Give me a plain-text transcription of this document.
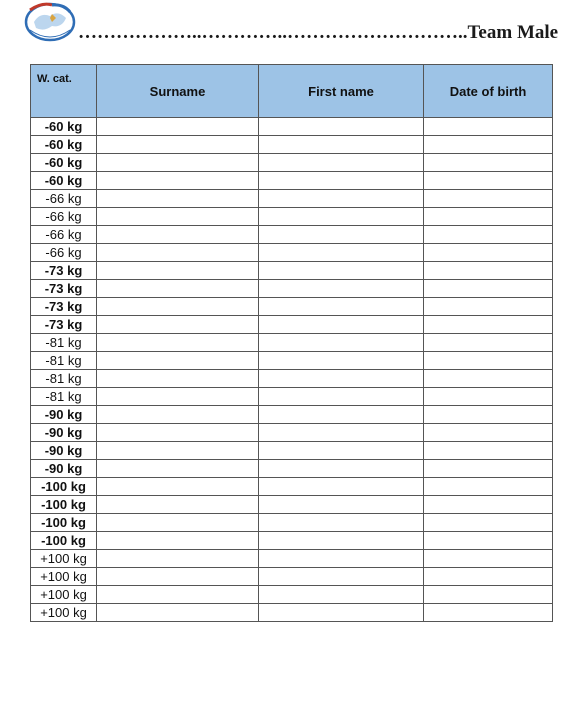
………………..…………..………………………..Team Male
W. cat.	Surname	First name	Date of birth
-60 kg			
-60 kg			
-60 kg			
-60 kg			
-66 kg			
-66 kg			
-66 kg			
-66 kg			
-73 kg			
-73 kg			
-73 kg			
-73 kg			
-81 kg			
-81 kg			
-81 kg			
-81 kg			
-90 kg			
-90 kg			
-90 kg			
-90 kg			
-100 kg			
-100 kg			
-100 kg			
-100 kg			
+100 kg			
+100 kg			
+100 kg			
+100 kg			
